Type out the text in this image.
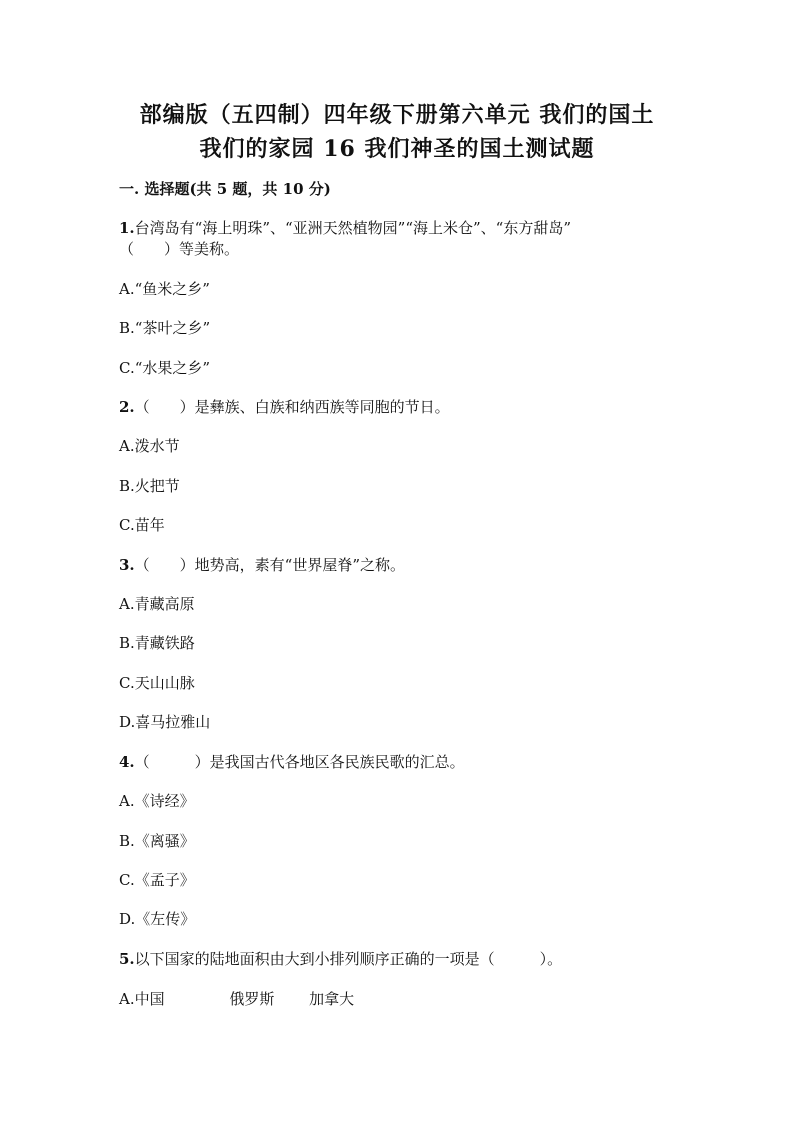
部编版（五四制）四年级下册第六单元 我们的国土
我们的家园 16 我们神圣的国土测试题
一. 选择题(共 5 题，共 10 分)
1.台湾岛有“海上明珠”、“亚洲天然植物园”“海上米仓”、“东方甜岛”
（　　）等美称。
A.“鱼米之乡”
B.“茶叶之乡”
C.“水果之乡”
2.（　　）是彝族、白族和纳西族等同胞的节日。
A.泼水节
B.火把节
C.苗年
3.（　　）地势高，素有“世界屋脊”之称。
A.青藏高原
B.青藏铁路
C.天山山脉
D.喜马拉雅山
4.（　　　）是我国古代各地区各民族民歌的汇总。
A.《诗经》
B.《离骚》
C.《孟子》
D.《左传》
5.以下国家的陆地面积由大到小排列顺序正确的一项是（　　　）。
A.中国　　　　 俄罗斯　　 加拿大
